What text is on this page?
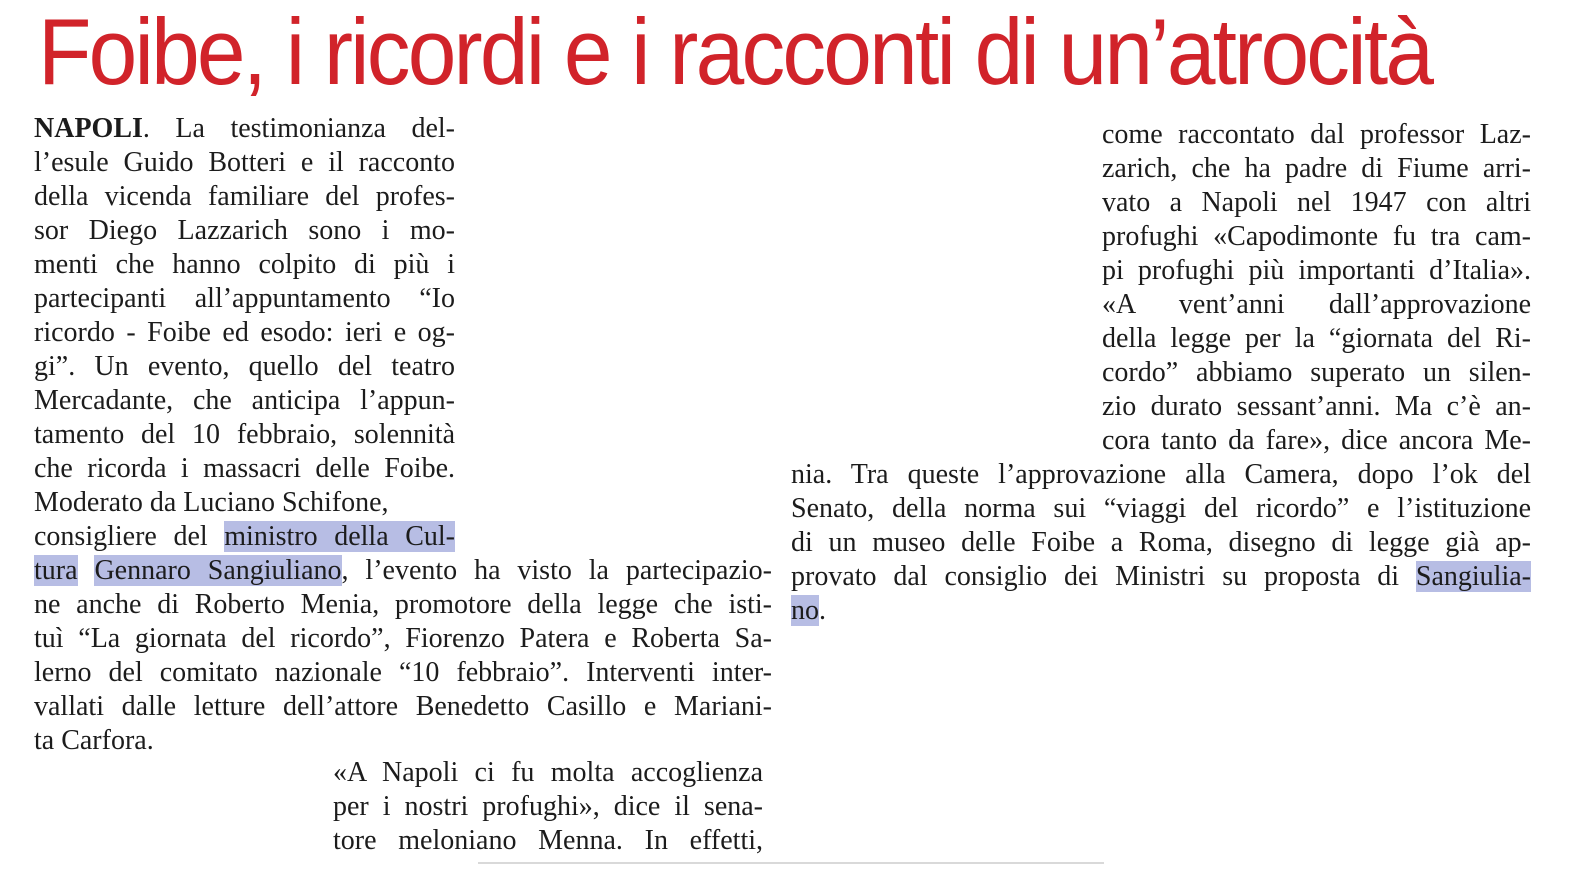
Foibe, i ricordi e i racconti di un’atrocità
NAPOLI. La testimonianza del-
l’esule Guido Botteri e il racconto
della vicenda familiare del profes-
sor Diego Lazzarich sono i mo-
menti che hanno colpito di più i
partecipanti all’appuntamento “Io
ricordo - Foibe ed esodo: ieri e og-
gi”. Un evento, quello del teatro
Mercadante, che anticipa l’appun-
tamento del 10 febbraio, solennità
che ricorda i massacri delle Foibe.
Moderato da Luciano Schifone,
consigliere del ministro della Cul-
tura Gennaro Sangiuliano, l’evento ha visto la partecipazio-
ne anche di Roberto Menia, promotore della legge che isti-
tuì “La giornata del ricordo”, Fiorenzo Patera e Roberta Sa-
lerno del comitato nazionale “10 febbraio”. Interventi inter-
vallati dalle letture dell’attore Benedetto Casillo e Mariani-
ta Carfora.
«A Napoli ci fu molta accoglienza
per i nostri profughi», dice il sena-
tore meloniano Menna. In effetti,
come raccontato dal professor Laz-
zarich, che ha padre di Fiume arri-
vato a Napoli nel 1947 con altri
profughi «Capodimonte fu tra cam-
pi profughi più importanti d’Italia».
«A vent’anni dall’approvazione
della legge per la “giornata del Ri-
cordo” abbiamo superato un silen-
zio durato sessant’anni. Ma c’è an-
cora tanto da fare», dice ancora Me-
nia. Tra queste l’approvazione alla Camera, dopo l’ok del
Senato, della norma sui “viaggi del ricordo” e l’istituzione
di un museo delle Foibe a Roma, disegno di legge già ap-
provato dal consiglio dei Ministri su proposta di Sangiulia-
no.
